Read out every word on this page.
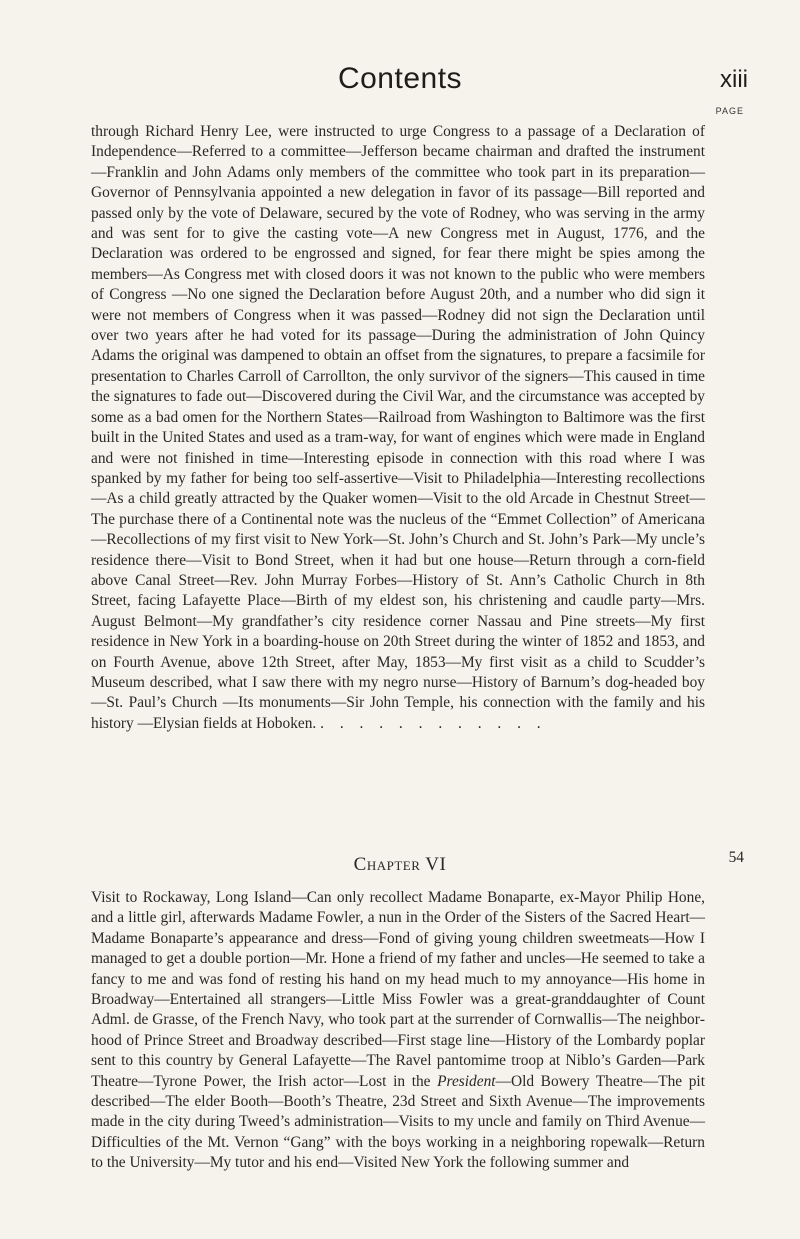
Contents	xiii
PAGE

through Richard Henry Lee, were instructed to urge Congress to a passage of a Declaration of Independence—Referred to a committee—Jefferson became chairman and drafted the instrument—Franklin and John Adams only members of the committee who took part in its preparation—Governor of Pennsylvania appointed a new delegation in favor of its passage—Bill reported and passed only by the vote of Delaware, secured by the vote of Rodney, who was serving in the army and was sent for to give the casting vote—A new Congress met in August, 1776, and the Declaration was ordered to be engrossed and signed, for fear there might be spies among the members—As Congress met with closed doors it was not known to the public who were members of Congress —No one signed the Declaration before August 20th, and a number who did sign it were not members of Congress when it was passed—Rodney did not sign the Declaration until over two years after he had voted for its passage—During the administration of John Quincy Adams the original was dampened to obtain an offset from the signatures, to prepare a facsimile for presentation to Charles Carroll of Carrollton, the only survivor of the signers—This caused in time the signatures to fade out—Discovered during the Civil War, and the circumstance was accepted by some as a bad omen for the Northern States—Railroad from Washington to Baltimore was the first built in the United States and used as a tram-way, for want of engines which were made in England and were not finished in time—Interesting episode in connection with this road where I was spanked by my father for being too self-assertive—Visit to Philadelphia—Interesting recollections—As a child greatly attracted by the Quaker women—Visit to the old Arcade in Chestnut Street—The purchase there of a Continental note was the nucleus of the “Emmet Collection” of Americana—Recollections of my first visit to New York—St. John’s Church and St. John’s Park—My uncle’s residence there—Visit to Bond Street, when it had but one house—Return through a corn-field above Canal Street—Rev. John Murray Forbes—History of St. Ann’s Catholic Church in 8th Street, facing Lafayette Place—Birth of my eldest son, his christening and caudle party—Mrs. August Belmont—My grandfather’s city residence corner Nassau and Pine streets—My first residence in New York in a boarding-house on 20th Street during the winter of 1852 and 1853, and on Fourth Avenue, above 12th Street, after May, 1853—My first visit as a child to Scudder’s Museum described, what I saw there with my negro nurse—History of Barnum’s dog-headed boy—St. Paul’s Church —Its monuments—Sir John Temple, his connection with the family and his history —Elysian fields at Hoboken. . . . . . . . . . . . .

54
Chapter VI

Visit to Rockaway, Long Island—Can only recollect Madame Bonaparte, ex-Mayor Philip Hone, and a little girl, afterwards Madame Fowler, a nun in the Order of the Sisters of the Sacred Heart—Madame Bonaparte’s appearance and dress—Fond of giving young children sweetmeats—How I managed to get a double portion—Mr. Hone a friend of my father and uncles—He seemed to take a fancy to me and was fond of resting his hand on my head much to my annoyance—His home in Broadway—Entertained all strangers—Little Miss Fowler was a great-granddaughter of Count Adml. de Grasse, of the French Navy, who took part at the surrender of Cornwallis—The neighborhood of Prince Street and Broadway described—First stage line—History of the Lombardy poplar sent to this country by General Lafayette—The Ravel pantomime troop at Niblo’s Garden—Park Theatre—Tyrone Power, the Irish actor—Lost in the President—Old Bowery Theatre—The pit described—The elder Booth—Booth’s Theatre, 23d Street and Sixth Avenue—The improvements made in the city during Tweed’s administration—Visits to my uncle and family on Third Avenue—Difficulties of the Mt. Vernon “Gang” with the boys working in a neighboring ropewalk—Return to the University—My tutor and his end—Visited New York the following summer and
